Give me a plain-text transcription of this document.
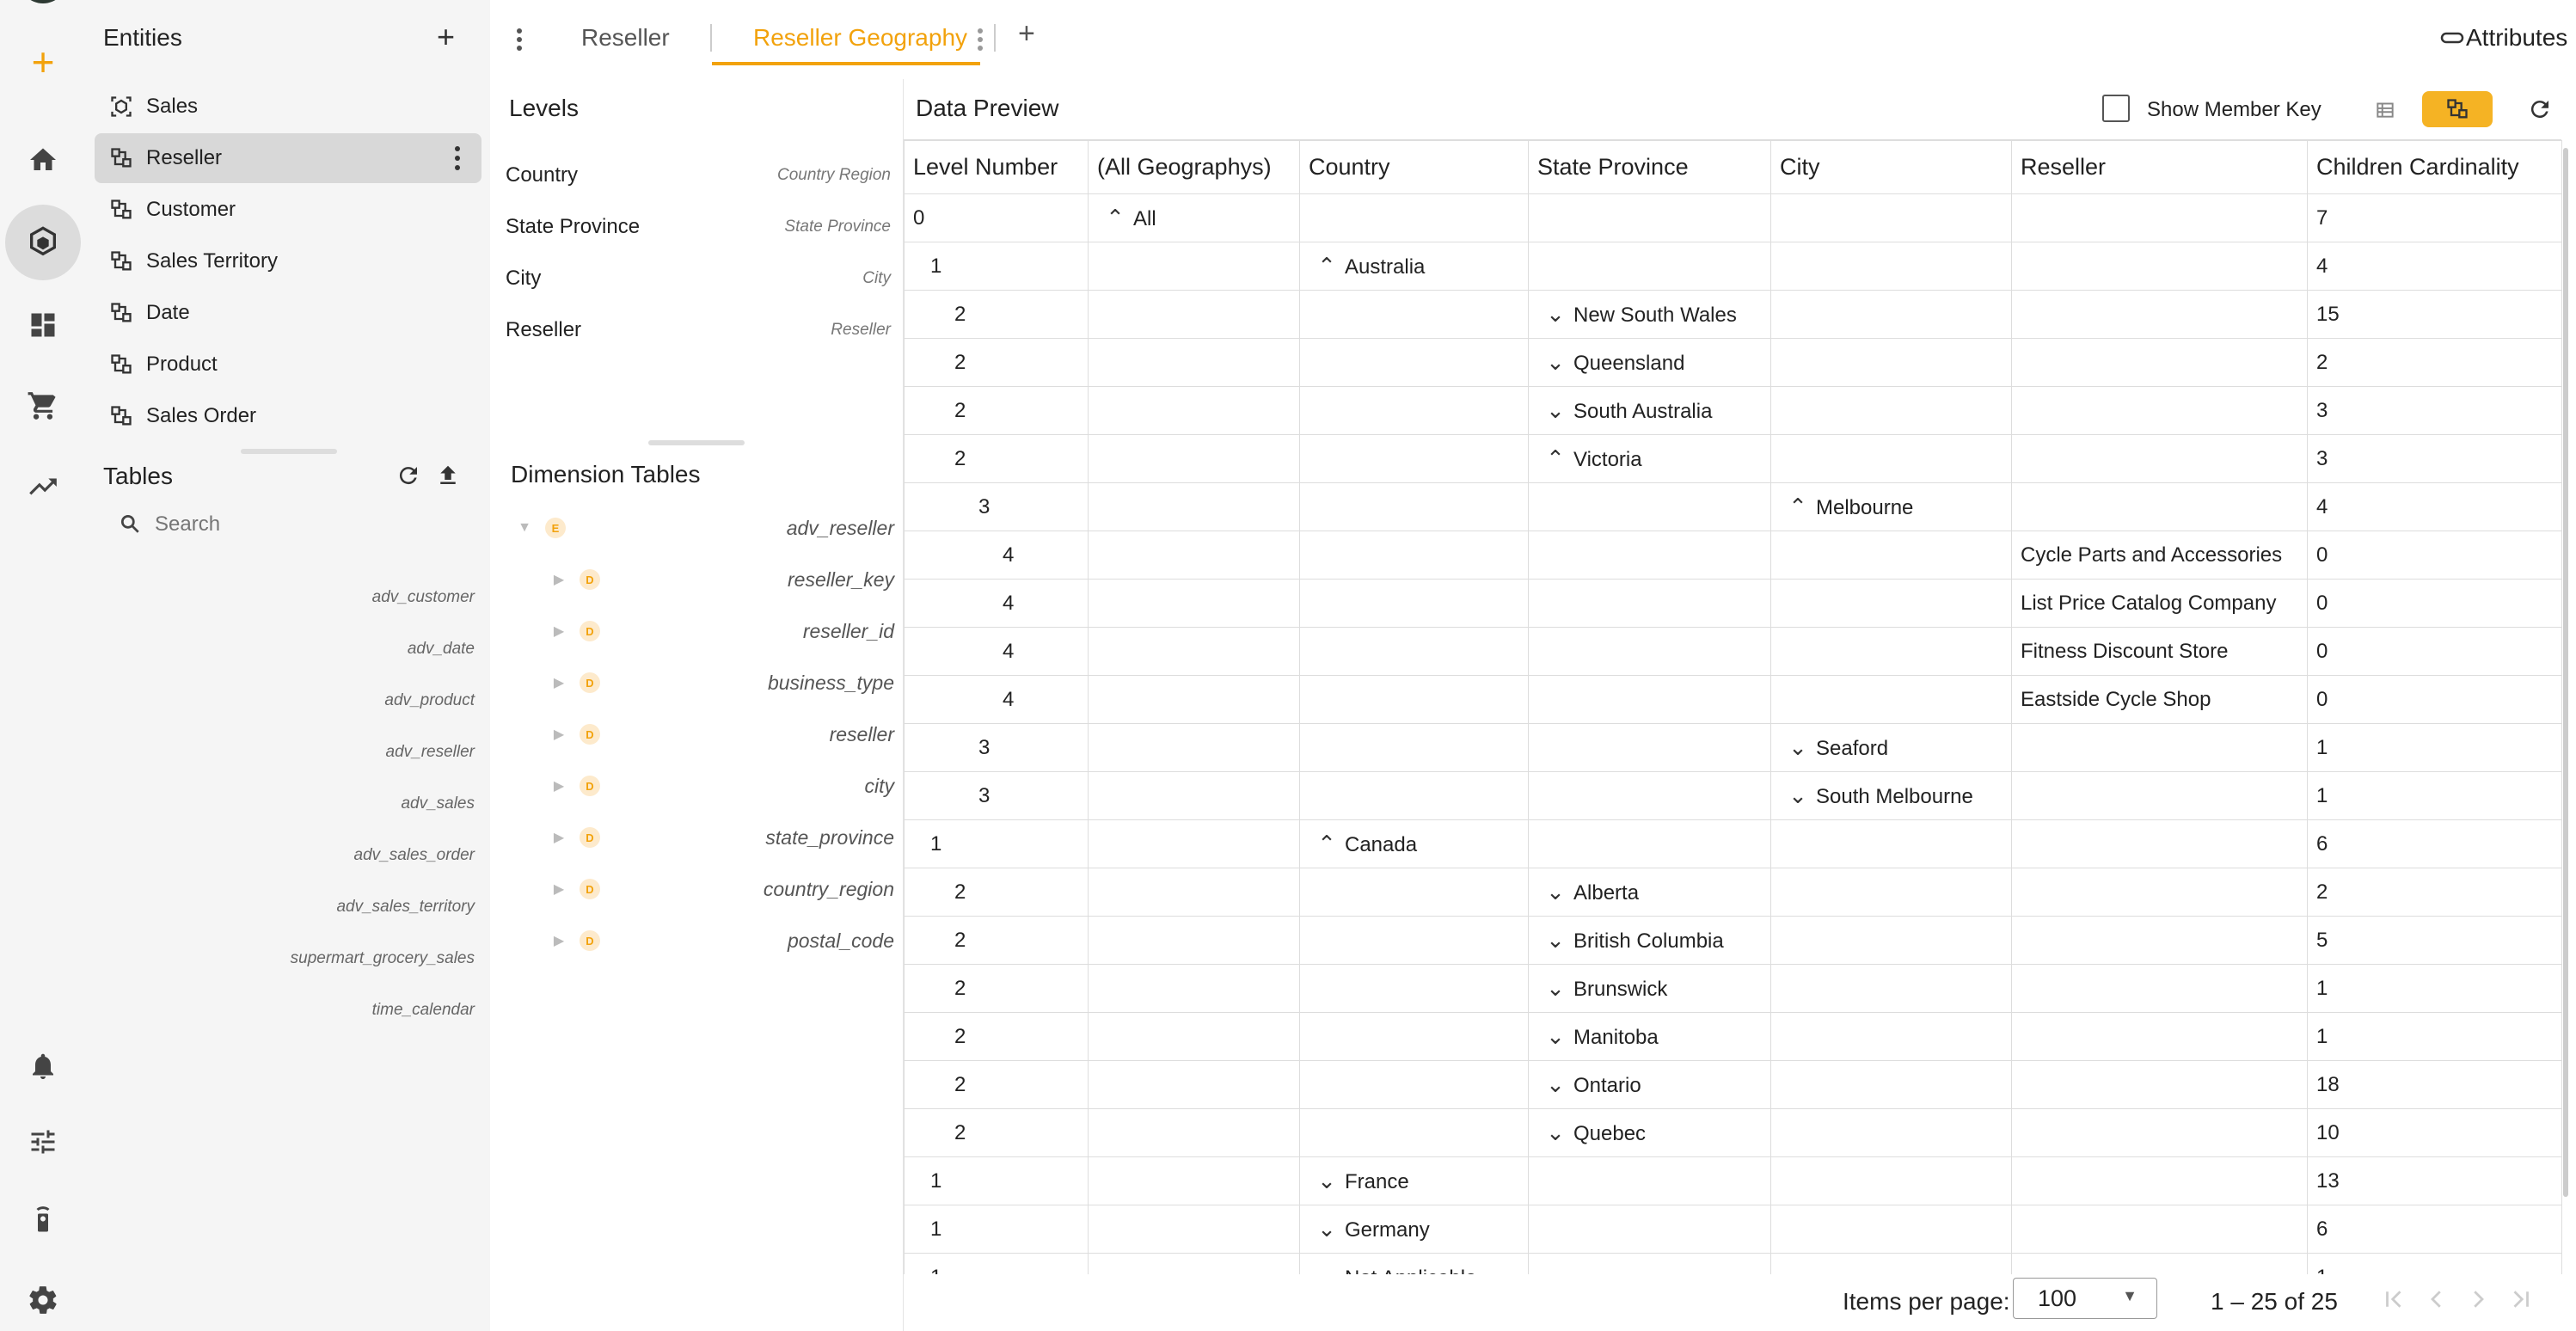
+
Entities	+
Sales
Reseller
Customer
Sales Territory
Date
Product
Sales Order
Tables
Search
adv_customer
adv_date
adv_product
adv_reseller
adv_sales
adv_sales_order
adv_sales_territory
supermart_grocery_sales
time_calendar
Reseller	Reseller Geography +	Attributes
Levels
Country	Country Region
State Province	State Province
City	City
Reseller	Reseller
Dimension Tables
▼	E	adv_reseller
▶	D	reseller_key
▶	D	reseller_id
▶	D	business_type
▶	D	reseller
▶	D	city
▶	D	state_province
▶	D	country_region
▶	D	postal_code
Data Preview	Show Member Key
Level Number	(All Geographys)	Country	State Province	City	Reseller	Children Cardinality
0	⌃ All					7
1		⌃ Australia				4
2			⌄ New South Wales			15
2			⌄ Queensland			2
2			⌄ South Australia			3
2			⌃ Victoria			3
3				⌃ Melbourne		4
4					Cycle Parts and Accessories	0
4					List Price Catalog Company	0
4					Fitness Discount Store	0
4					Eastside Cycle Shop	0
3				⌄ Seaford		1
3				⌄ South Melbourne		1
1		⌃ Canada				6
2			⌄ Alberta			2
2			⌄ British Columbia			5
2			⌄ Brunswick			1
2			⌄ Manitoba			1
2			⌄ Ontario			18
2			⌄ Quebec			10
1		⌄ France				13
1		⌄ Germany				6

Items per page: 100	▼	1 – 25 of 25
